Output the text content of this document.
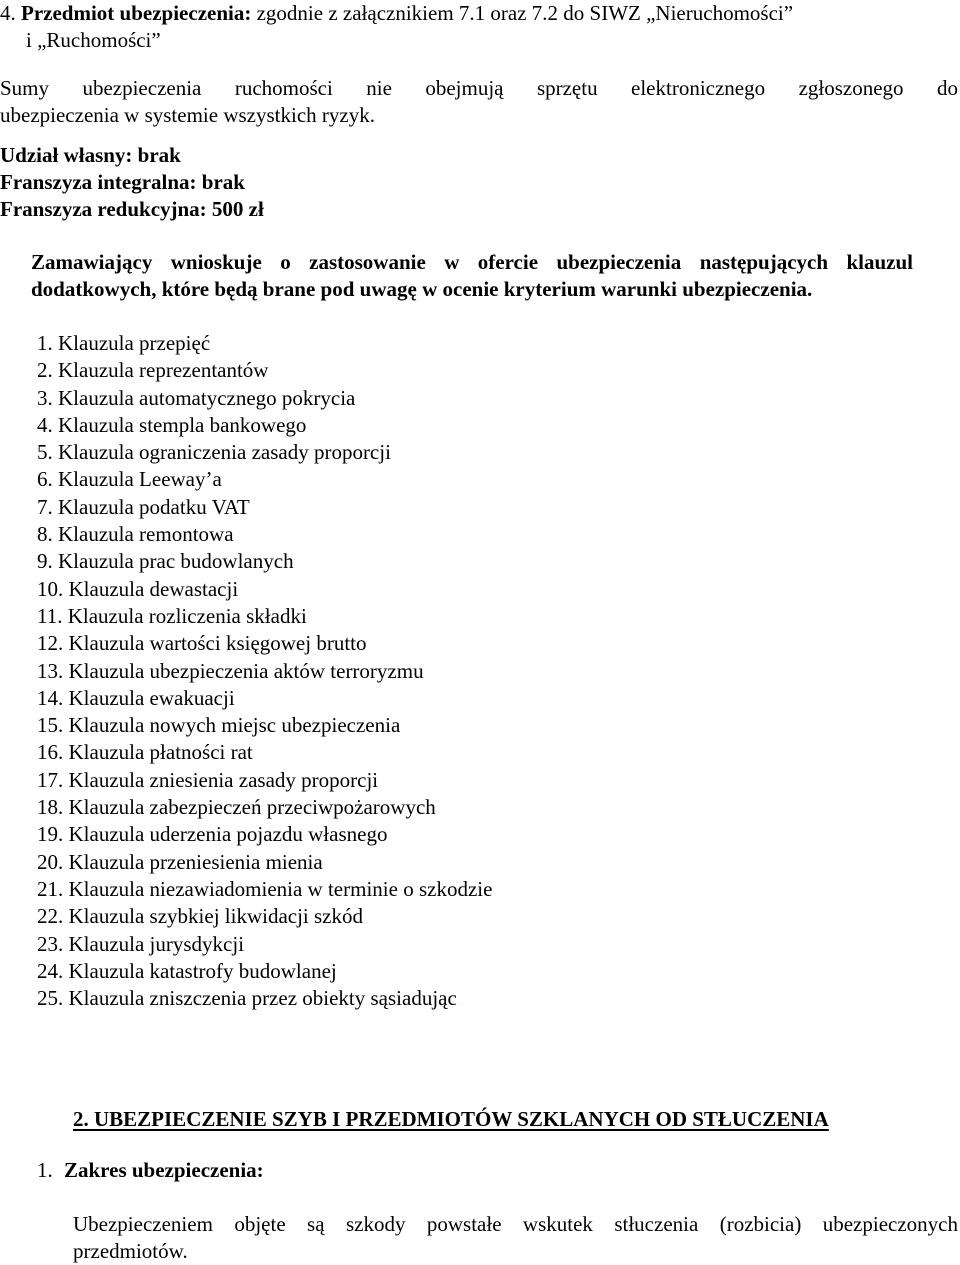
4. Przedmiot ubezpieczenia: zgodnie z załącznikiem 7.1 oraz 7.2 do SIWZ „Nieruchomości”
i „Ruchomości”
Sumy ubezpieczenia ruchomości nie obejmują sprzętu elektronicznego zgłoszonego do
ubezpieczenia w systemie wszystkich ryzyk.
Udział własny: brak
Franszyza integralna: brak
Franszyza redukcyjna: 500 zł
Zamawiający wnioskuje o zastosowanie w ofercie ubezpieczenia następujących klauzul
dodatkowych, które będą brane pod uwagę w ocenie kryterium warunki ubezpieczenia.
1. Klauzula przepięć
2. Klauzula reprezentantów
3. Klauzula automatycznego pokrycia
4. Klauzula stempla bankowego
5. Klauzula ograniczenia zasady proporcji
6. Klauzula Leeway’a
7. Klauzula podatku VAT
8. Klauzula remontowa
9. Klauzula prac budowlanych
10. Klauzula dewastacji
11. Klauzula rozliczenia składki
12. Klauzula wartości księgowej brutto
13. Klauzula ubezpieczenia aktów terroryzmu
14. Klauzula ewakuacji
15. Klauzula nowych miejsc ubezpieczenia
16. Klauzula płatności rat
17. Klauzula zniesienia zasady proporcji
18. Klauzula zabezpieczeń przeciwpożarowych
19. Klauzula uderzenia pojazdu własnego
20. Klauzula przeniesienia mienia
21. Klauzula niezawiadomienia w terminie o szkodzie
22. Klauzula szybkiej likwidacji szkód
23. Klauzula jurysdykcji
24. Klauzula katastrofy budowlanej
25. Klauzula zniszczenia przez obiekty sąsiadując
2. UBEZPIECZENIE SZYB I PRZEDMIOTÓW SZKLANYCH OD STŁUCZENIA
1. Zakres ubezpieczenia:
Ubezpieczeniem objęte są szkody powstałe wskutek stłuczenia (rozbicia) ubezpieczonych
przedmiotów.
